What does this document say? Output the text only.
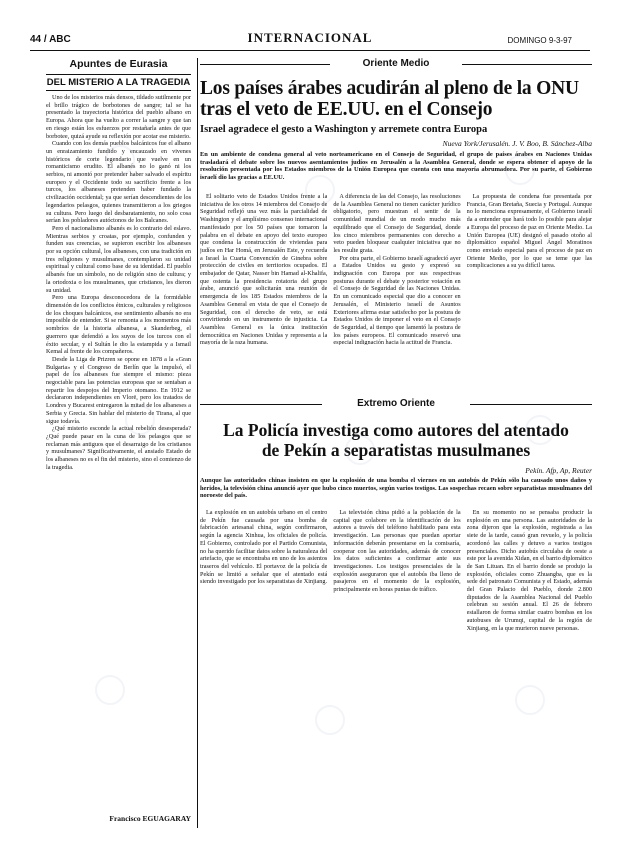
44 / ABC	INTERNACIONAL	DOMINGO 9-3-97
Apuntes de Eurasia
DEL MISTERIO A LA TRAGEDIA

Uno de los misterios más densos, tildado sutilmente por el brillo trágico de borbotones de sangre; tal se ha presentado la trayectoria histórica del pueblo albano en Europa. Ahora que ha vuelto a correr la sangre y que tan en riesgo están los esfuerzos por restañarla antes de que borbotee, quizá ayude su reflexión por acotar ese misterio.

Cuando con los demás pueblos balcánicos fue el albano un enraizamiento fundido y encauzado en vivenes históricos de corte legendario que vuelve en un romanticismo erudito. El albanés no lo ganó ni los serbios, ni amontó por pretender haber salvado el espíritu europeo y el Occidente todo su sacrificio frente a los turcos, los albaneses pretenden haber fundado la civilización occidental; ya que serían descendientes de los legendarios pelasgos, quienes transmitieron a los griegos su cultura. Pero luego del desbaratamiento, no solo cosa serían los pobladores autóctonos de los Balcanes.

Pero el nacionalismo albanés es lo contrario del eslavo. Mientras serbios y croatas, por ejemplo, confunden y funden sus creencias, se supieron escribir los albaneses por su opción cultural, los albaneses, con una tradición en tres religiones y musulmanes, contemplaron su unidad espiritual y cultural como base de su identidad. El pueblo albanés fue un símbolo, no de religión sino de cultura; y la ortodoxia o los musulmanes, que cristianos, les dieron su unidad.

Pero una Europa desconocedora de la formidable dimensión de los conflictos étnicos, culturales y religiosos de los choques balcánicos, ese sentimiento albanés no era imposible de entender. Si se remonta a los momentos más sombríos de la historia albanesa, a Skanderbeg, el guerrero que defendió a los suyos de los turcos con el éxito secular, y el Sultán le dio la estampida y a Ismail Kemal al frente de los compañeros.

Desde la Liga de Prizren se opone en 1878 a la «Gran Bulgaria» y el Congreso de Berlín que la impulsó, el papel de los albaneses fue siempre el mismo: pieza negociable para las potencias europeas que se sentaban a repartir los despojos del Imperio otomano. En 1912 se declararon independientes en Vlorë, pero los tratados de Londres y Bucarest entregaron la mitad de los albaneses a Serbia y Grecia. Sin hablar del misterio de Tirana, al que sigue todavía.

¿Qué misterio esconde la actual rebelión desesperada? ¿Qué puede pasar en la cuna de los pelasgos que se reclaman más antiguos que el desarraigo de los cristianos y musulmanes? Significativamente, el ansiado Estado de los albaneses no es el fin del misterio, sino el comienzo de la tragedia.

Francisco EGUAGARAY
Oriente Medio
Los países árabes acudirán al pleno de la ONU tras el veto de EE.UU. en el Consejo
Israel agradece el gesto a Washington y arremete contra Europa
Nueva York/Jerusalén. J. V. Boo, B. Sánchez-Alba
En un ambiente de condena general al veto norteamericano en el Consejo de Seguridad, el grupo de países árabes en Naciones Unidas trasladará el debate sobre los nuevos asentamientos judíos en Jerusalén a la Asamblea General, donde se espera obtener el apoyo de la resolución presentada por los Estados miembros de la Unión Europea que cuenta con una mayoría abrumadora. Por su parte, el Gobierno israelí dio las gracias a EE.UU.

El solitario veto de Estados Unidos frente a la iniciativa de los otros 14 miembros del Consejo de Seguridad reflejó una vez más la parcialidad de Washington y el amplísimo consenso internacional manifestado por los 50 países que tomaron la palabra en el debate en apoyo del texto europeo que condena la construcción de viviendas para judíos en Har Homá, en Jerusalén Este, y recuerda a Israel la Cuarta Convención de Ginebra sobre protección de civiles en territorios ocupados. El embajador de Qatar, Nasser bin Hamad al-Khalifa, que ostenta la presidencia rotatoria del grupo árabe, anunció que solicitarán una reunión de emergencia de los 185 Estados miembros de la Asamblea General en vista de que el Consejo de Seguridad, con el derecho de veto, se está convirtiendo en un instrumento de injusticia. La Asamblea General es la única institución democrática en Naciones Unidas y representa a la mayoría de la raza humana.

A diferencia de las del Consejo, las resoluciones de la Asamblea General no tienen carácter jurídico obligatorio, pero muestran el sentir de la comunidad mundial de un modo mucho más equilibrado que el Consejo de Seguridad, donde los cinco miembros permanentes con derecho a veto pueden bloquear cualquier iniciativa que no les resulte grata.

Por otra parte, el Gobierno israelí agradeció ayer a Estados Unidos su gesto y expresó su indignación con Europa por sus respectivas posturas durante el debate y posterior votación en el Consejo de Seguridad de las Naciones Unidas. En un comunicado especial que dio a conocer en Jerusalén, el Ministerio israelí de Asuntos Exteriores afirma estar satisfecho por la postura de Estados Unidos de imponer el veto en el Consejo de Seguridad, al tiempo que lamentó la postura de los países europeos. El comunicado reservó una especial indignación hacia la actitud de Francia.

La propuesta de condena fue presentada por Francia, Gran Bretaña, Suecia y Portugal. Aunque no lo menciona expresamente, el Gobierno israelí da a entender que hará todo lo posible para alejar a Europa del proceso de paz en Oriente Medio. La Unión Europea (UE) designó el pasado otoño al diplomático español Miguel Ángel Moratinos como enviado especial para el proceso de paz en Oriente Medio, por lo que se teme que las complicaciones a su ya difícil tarea.

Extremo Oriente
La Policía investiga como autores del atentado de Pekín a separatistas musulmanes
Pekín. Afp, Ap, Reuter
Aunque las autoridades chinas insisten en que la explosión de una bomba el viernes en un autobús de Pekín sólo ha causado unos daños y heridos, la televisión china anunció ayer que hubo cinco muertos, según varios testigos. Las sospechas recaen sobre separatistas musulmanes del noroeste del país.

La explosión en un autobús urbano en el centro de Pekín fue causada por una bomba de fabricación artesanal china, según confirmaron, según la agencia Xinhua, los oficiales de policía. El Gobierno, controlado por el Partido Comunista, no ha querido facilitar datos sobre la naturaleza del artefacto, que se encontraba en uno de los asientos traseros del vehículo. El portavoz de la policía de Pekín se limitó a señalar que el atentado está siendo investigado por los separatistas de Xinjiang.

La televisión china pidió a la población de la capital que colabore en la identificación de los autores a través del teléfono habilitado para esta investigación. Las personas que puedan aportar información deberán presentarse en la comisaría, cooperar con las autoridades, además de conocer los datos suficientes a confirmar ante sus investigaciones. Los testigos presenciales de la explosión aseguraron que el autobús iba lleno de pasajeros en el momento de la explosión, principalmente en horas puntas de tráfico.

En su momento no se pensaba producir la explosión en una persona. Las autoridades de la zona dijeron que la explosión, registrada a las siete de la tarde, causó gran revuelo, y la policía acordonó las calles y detuvo a varios testigos presenciales. Dicho autobús circulaba de oeste a este por la avenida Xidan, en el barrio diplomático de San Lituan. En el barrio donde se produjo la explosión, oficiales como Zhuangba, que es la sede del patronato Comunista y el Estado, además del Gran Palacio del Pueblo, donde 2.800 diputados de la Asamblea Nacional del Pueblo celebran su sesión anual. El 26 de febrero estallaron de forma similar cuatro bombas en los autobuses de Urumqi, capital de la región de Xinjiang, en la que murieron nueve personas.
